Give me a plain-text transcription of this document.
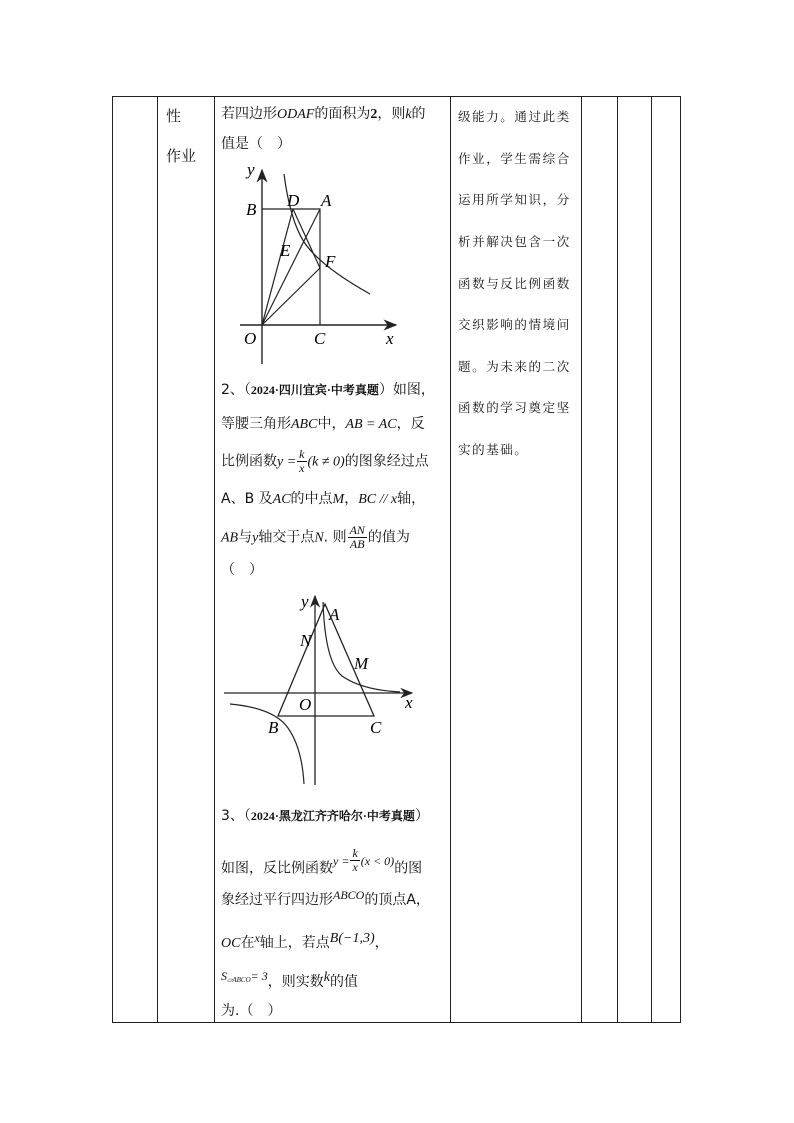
性
作业
若四边形ODAF的面积为2，则k的
值是（　）
y
x
O
B D A
E
F
C
2、（2024·四川宜宾·中考真题）如图，
等腰三角形ABC中，AB = AC，反
比例函数$y = \frac{k}{x} (k \ne 0)$的图象经过点
A、B 及AC的中点M，BC // x轴，
AB与y轴交于点N. 则 $\frac{AN}{AB}$ 的值为
（　）
y
x
O
A
N
M
B	C
3、（2024·黑龙江齐齐哈尔·中考真题）
如图，反比例函数$y = \frac{k}{x} (x < 0)$的图
象经过平行四边形ABCO的顶点A，
OC在x轴上，若点B(−1,3)，
$S^{▱ABCO}= 3$，则实数k的值
为.（　）
级能力。通过此类
作业，学生需综合
运用所学知识，分
析并解决包含一次
函数与反比例函数
交织影响的情境问
题。为未来的二次
函数的学习奠定坚
实的基础。
